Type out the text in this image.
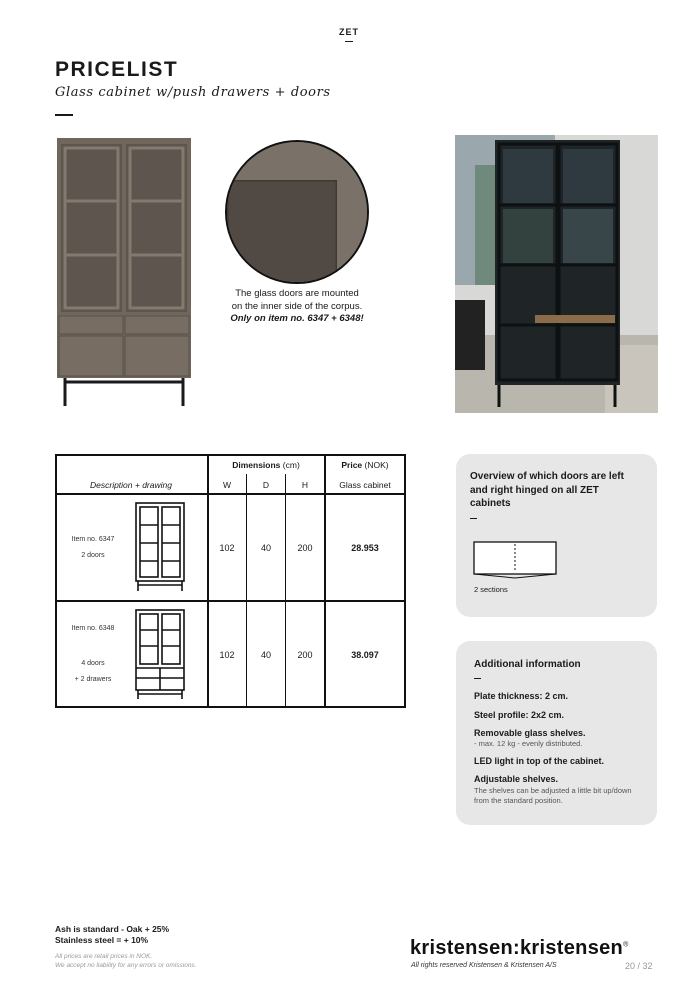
ZET
PRICELIST
Glass cabinet w/push drawers + doors
The glass doors are mounted
on the inner side of the corpus.
Only on item no. 6347 + 6348!
Dimensions (cm)	Price (NOK)
Description + drawing	W	D	H	Glass cabinet
Item no. 6347
2 doors
102	40	200	28.953
Item no. 6348
4 doors
+ 2 drawers
102	40	200	38.097
Overview of which doors are left and right hinged on all ZET cabinets
2 sections
Additional information
Plate thickness: 2 cm.
Steel profile: 2x2 cm.
Removable glass shelves.
- max. 12 kg - evenly distributed.
LED light in top of the cabinet.
Adjustable shelves.
The shelves can be adjusted a little bit up/down from the standard position.
Ash is standard - Oak + 25%
Stainless steel = + 10%
All prices are retail prices in NOK.
We accept no liability for any errors or omissions.
kristensen:kristensen®
All rights reserved Kristensen & Kristensen A/S	20 / 32
